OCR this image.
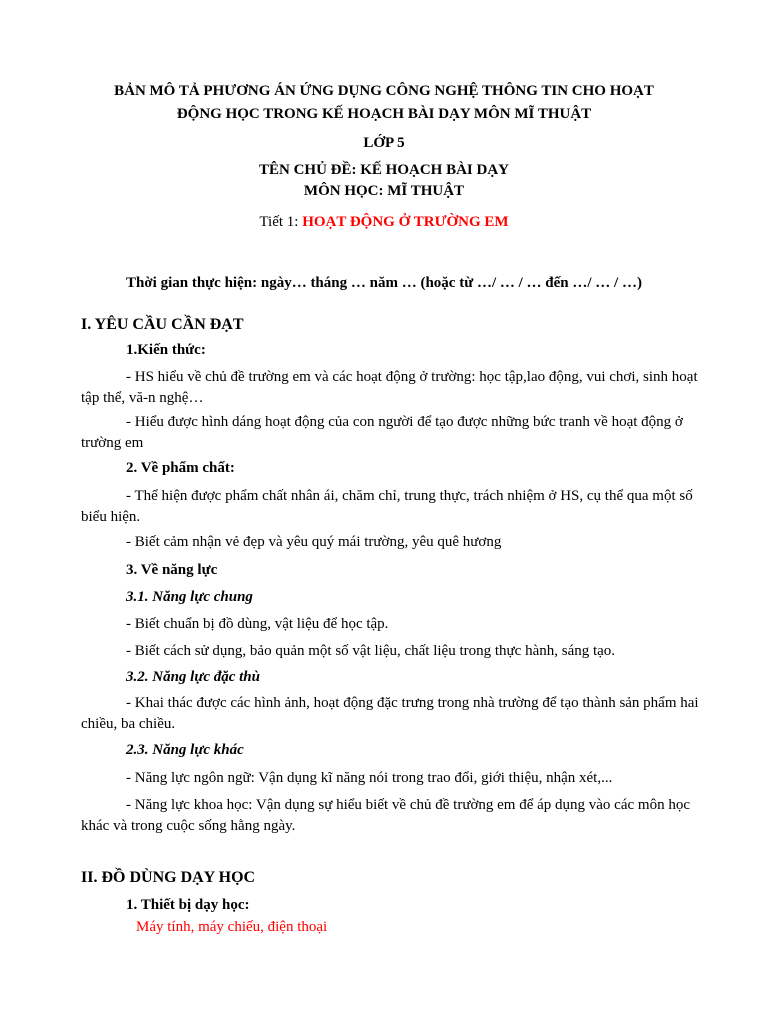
BẢN MÔ TẢ PHƯƠNG ÁN ỨNG DỤNG CÔNG NGHỆ THÔNG TIN CHO HOẠT
ĐỘNG HỌC TRONG KẾ HOẠCH BÀI DẠY MÔN MĨ THUẬT
LỚP 5
TÊN CHỦ ĐỀ: KẾ HOẠCH BÀI DẠY
MÔN HỌC: MĨ THUẬT
Tiết 1: HOẠT ĐỘNG Ở TRƯỜNG EM
Thời gian thực hiện: ngày… tháng … năm … (hoặc từ …/ … / … đến …/ … / …)
I. YÊU CẦU CẦN ĐẠT
1.Kiến thức:
- HS hiểu về chủ đề trường em và các hoạt động ở trường: học tập,lao động, vui chơi, sinh hoạt tập thể, vă-n nghệ…
- Hiểu được hình dáng hoạt động của con người để tạo được những bức tranh về hoạt động ở trường em
2. Về phẩm chất:
- Thể hiện được phẩm chất nhân ái, chăm chỉ, trung thực, trách nhiệm ở HS, cụ thể qua một số biểu hiện.
- Biết cảm nhận vẻ đẹp và yêu quý mái trường, yêu quê hương
3. Về năng lực
3.1. Năng lực chung
- Biết chuẩn bị đồ dùng, vật liệu để học tập.
- Biết cách sử dụng, bảo quản một số vật liệu, chất liệu trong thực hành, sáng tạo.
3.2. Năng lực đặc thù
- Khai thác được các hình ảnh, hoạt động đặc trưng trong nhà trường để tạo thành sản phẩm hai chiều, ba chiều.
2.3. Năng lực khác
- Năng lực ngôn ngữ: Vận dụng kĩ năng nói trong trao đổi, giới thiệu, nhận xét,...
- Năng lực khoa học: Vận dụng sự hiểu biết về chủ đề trường em để áp dụng vào các môn học khác và trong cuộc sống hằng ngày.
II. ĐỒ DÙNG DẠY HỌC
1. Thiết bị dạy học:
Máy tính, máy chiếu, điện thoại
